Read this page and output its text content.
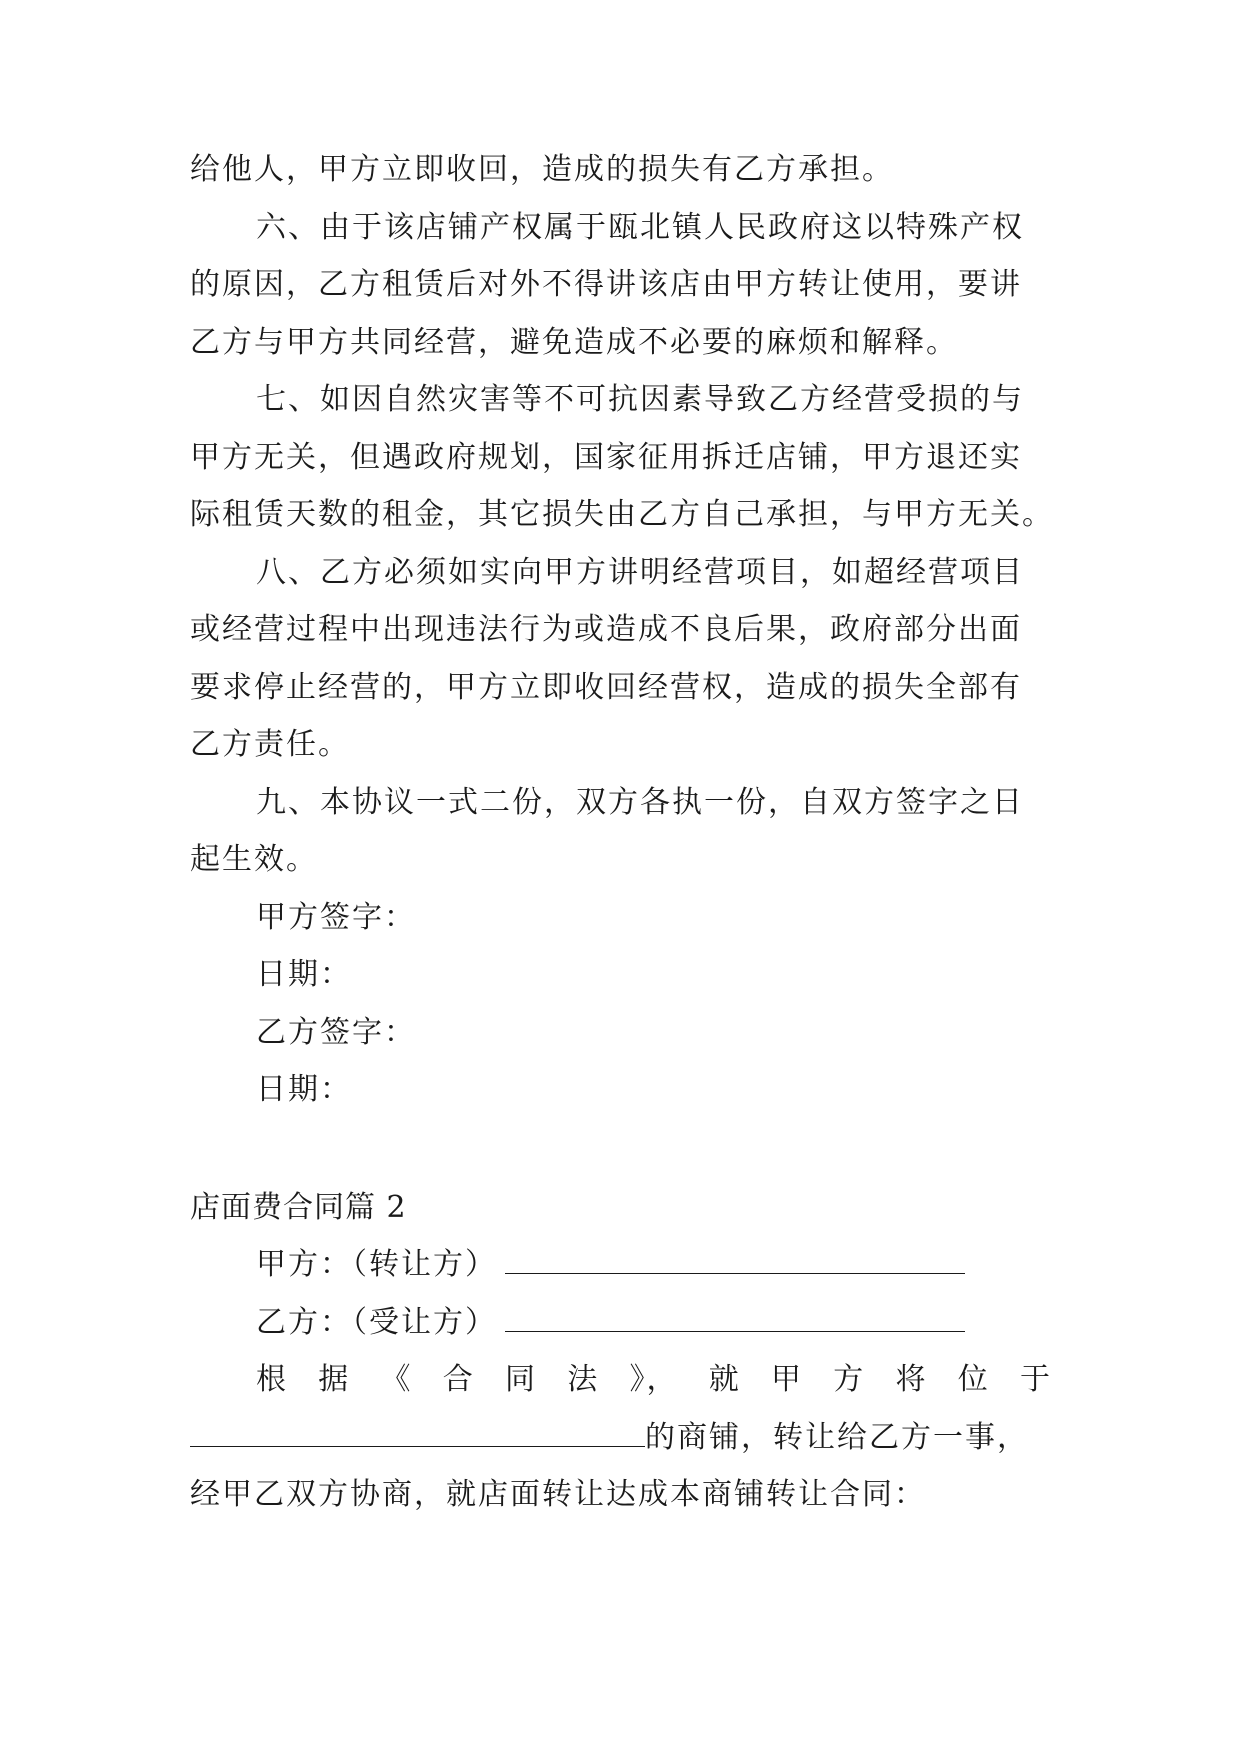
给他人，甲方立即收回，造成的损失有乙方承担。
六、由于该店铺产权属于瓯北镇人民政府这以特殊产权
的原因，乙方租赁后对外不得讲该店由甲方转让使用，要讲
乙方与甲方共同经营，避免造成不必要的麻烦和解释。
七、如因自然灾害等不可抗因素导致乙方经营受损的与
甲方无关，但遇政府规划，国家征用拆迁店铺，甲方退还实
际租赁天数的租金，其它损失由乙方自己承担，与甲方无关。
八、乙方必须如实向甲方讲明经营项目，如超经营项目
或经营过程中出现违法行为或造成不良后果，政府部分出面
要求停止经营的，甲方立即收回经营权，造成的损失全部有
乙方责任。
九、本协议一式二份，双方各执一份，自双方签字之日
起生效。
甲方签字：
日期：
乙方签字：
日期：
店面费合同篇 2
甲方：（转让方）
乙方：（受让方）
根 据 《 合 同 法 》， 就 甲 方 将 位 于
的商铺，转让给乙方一事，
经甲乙双方协商，就店面转让达成本商铺转让合同：
